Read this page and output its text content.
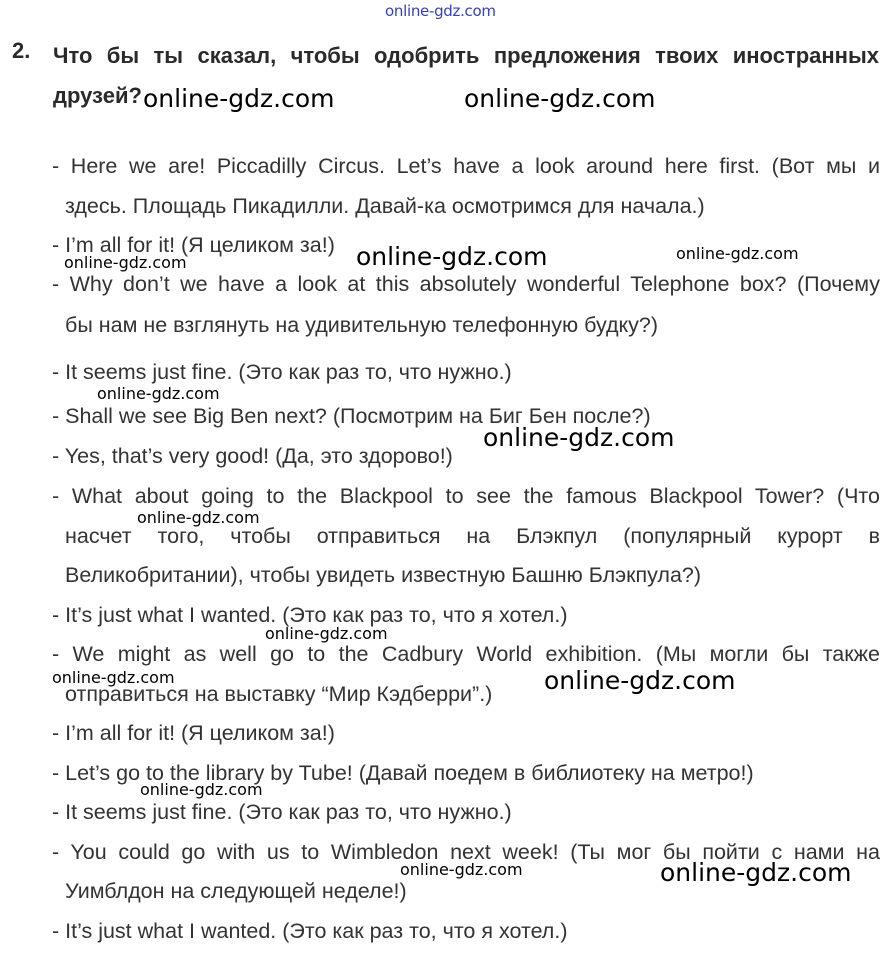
online-gdz.com
2. Что бы ты сказал, чтобы одобрить предложения твоих иностранных друзей?
- Here we are! Piccadilly Circus. Let’s have a look around here first. (Вот мы и
здесь. Площадь Пикадилли. Давай-ка осмотримся для начала.)
- I’m all for it! (Я целиком за!)
- Why don’t we have a look at this absolutely wonderful Telephone box? (Почему
бы нам не взглянуть на удивительную телефонную будку?)
- It seems just fine. (Это как раз то, что нужно.)
- Shall we see Big Ben next? (Посмотрим на Биг Бен после?)
- Yes, that’s very good! (Да, это здорово!)
- What about going to the Blackpool to see the famous Blackpool Tower? (Что
насчет того, чтобы отправиться на Блэкпул (популярный курорт в
Великобритании), чтобы увидеть известную Башню Блэкпула?)
- It’s just what I wanted. (Это как раз то, что я хотел.)
- We might as well go to the Cadbury World exhibition. (Мы могли бы также
отправиться на выставку “Мир Кэдберри”.)
- I’m all for it! (Я целиком за!)
- Let’s go to the library by Tube! (Давай поедем в библиотеку на метро!)
- It seems just fine. (Это как раз то, что нужно.)
- You could go with us to Wimbledon next week! (Ты мог бы пойти с нами на
Уимблдон на следующей неделе!)
- It’s just what I wanted. (Это как раз то, что я хотел.)
online-gdz.com	online-gdz.com
online-gdz.com	online-gdz.com
online-gdz.com
online-gdz.com
online-gdz.com
online-gdz.com
online-gdz.com
online-gdz.com	online-gdz.com
online-gdz.com
online-gdz.com	online-gdz.com
